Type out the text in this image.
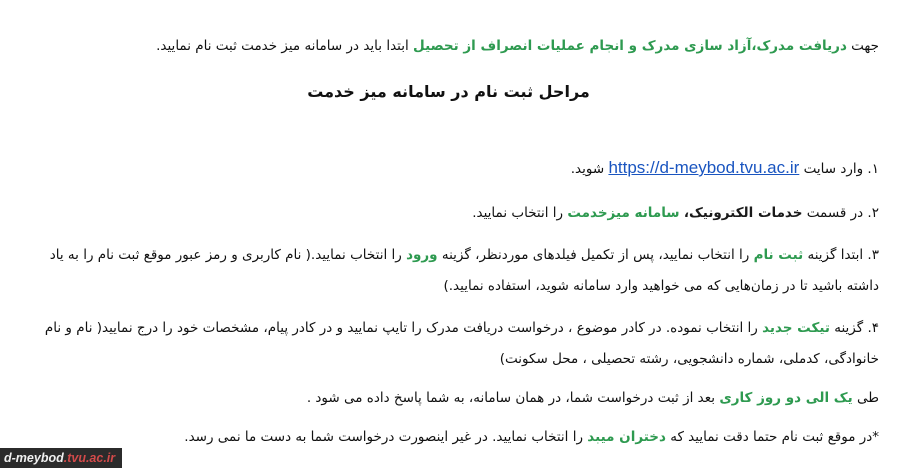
جهت دریافت مدرک،آزاد سازی مدرک و انجام عملیات انصراف از تحصیل ابتدا باید در سامانه میز خدمت ثبت نام نمایید.
مراحل ثبت نام در سامانه میز خدمت
۱. وارد سایت https://d-meybod.tvu.ac.ir شوید.
۲. در قسمت خدمات الکترونیک، سامانه میزخدمت را انتخاب نمایید.
۳. ابتدا گزینه ثبت نام را انتخاب نمایید، پس از تکمیل فیلدهای موردنظر، گزینه ورود را انتخاب نمایید.( نام کاربری و رمز عبور موقع ثبت نام را به یاد
داشته باشید تا در زمان‌هایی که می خواهید وارد سامانه شوید، استفاده نمایید.)
۴. گزینه تیکت جدید را انتخاب نموده. در کادر موضوع ، درخواست دریافت مدرک را تایپ نمایید و در کادر پیام، مشخصات خود را درج نمایید( نام و نام
خانوادگی، کدملی، شماره دانشجویی، رشته تحصیلی ، محل سکونت)
طی یک الی دو روز کاری بعد از ثبت درخواست شما، در همان سامانه، به شما پاسخ داده می شود .
*در موقع ثبت نام حتما دقت نمایید که دختران میبد را انتخاب نمایید. در غیر اینصورت درخواست شما به دست ما نمی رسد.
d-meybod.tvu.ac.ir
